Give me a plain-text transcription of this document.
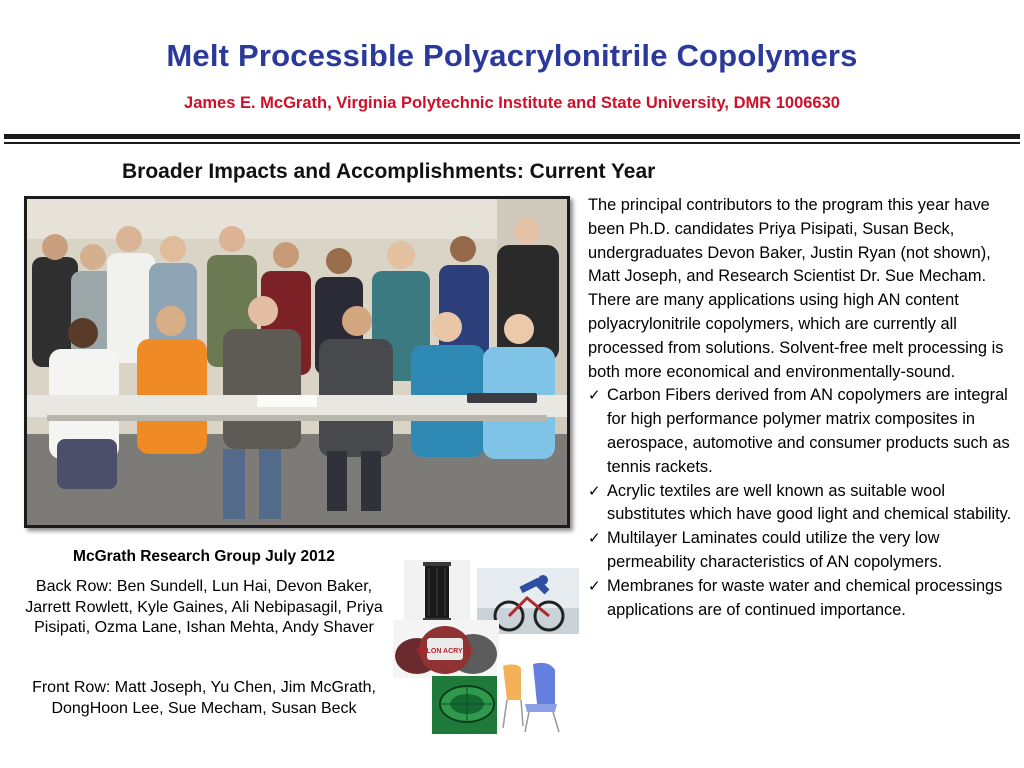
Melt Processible Polyacrylonitrile Copolymers
James E. McGrath, Virginia Polytechnic Institute and State University, DMR 1006630
Broader Impacts and Accomplishments: Current Year
McGrath Research Group July 2012
Back Row: Ben Sundell, Lun Hai, Devon Baker, Jarrett Rowlett, Kyle Gaines, Ali Nebipasagil, Priya Pisipati, Ozma Lane, Ishan Mehta, Andy Shaver
Front Row: Matt Joseph, Yu Chen, Jim McGrath, DongHoon Lee, Sue Mecham, Susan Beck
ORLON ACRYLIC

The principal contributors to the program this year have been Ph.D. candidates Priya Pisipati, Susan Beck, undergraduates Devon Baker, Justin Ryan (not shown), Matt Joseph, and Research Scientist Dr. Sue Mecham.

There are many applications using high AN content polyacrylonitrile copolymers, which are currently all processed from solutions. Solvent-free melt processing is both more economical and environmentally-sound.

✓ Carbon Fibers derived from AN copolymers are integral for high performance polymer matrix composites in aerospace, automotive and consumer products such as tennis rackets.
✓ Acrylic textiles are well known as suitable wool substitutes which have good light and chemical stability.
✓ Multilayer Laminates could utilize the very low permeability characteristics of AN copolymers.
✓ Membranes for waste water and chemical processings applications are of continued importance.
